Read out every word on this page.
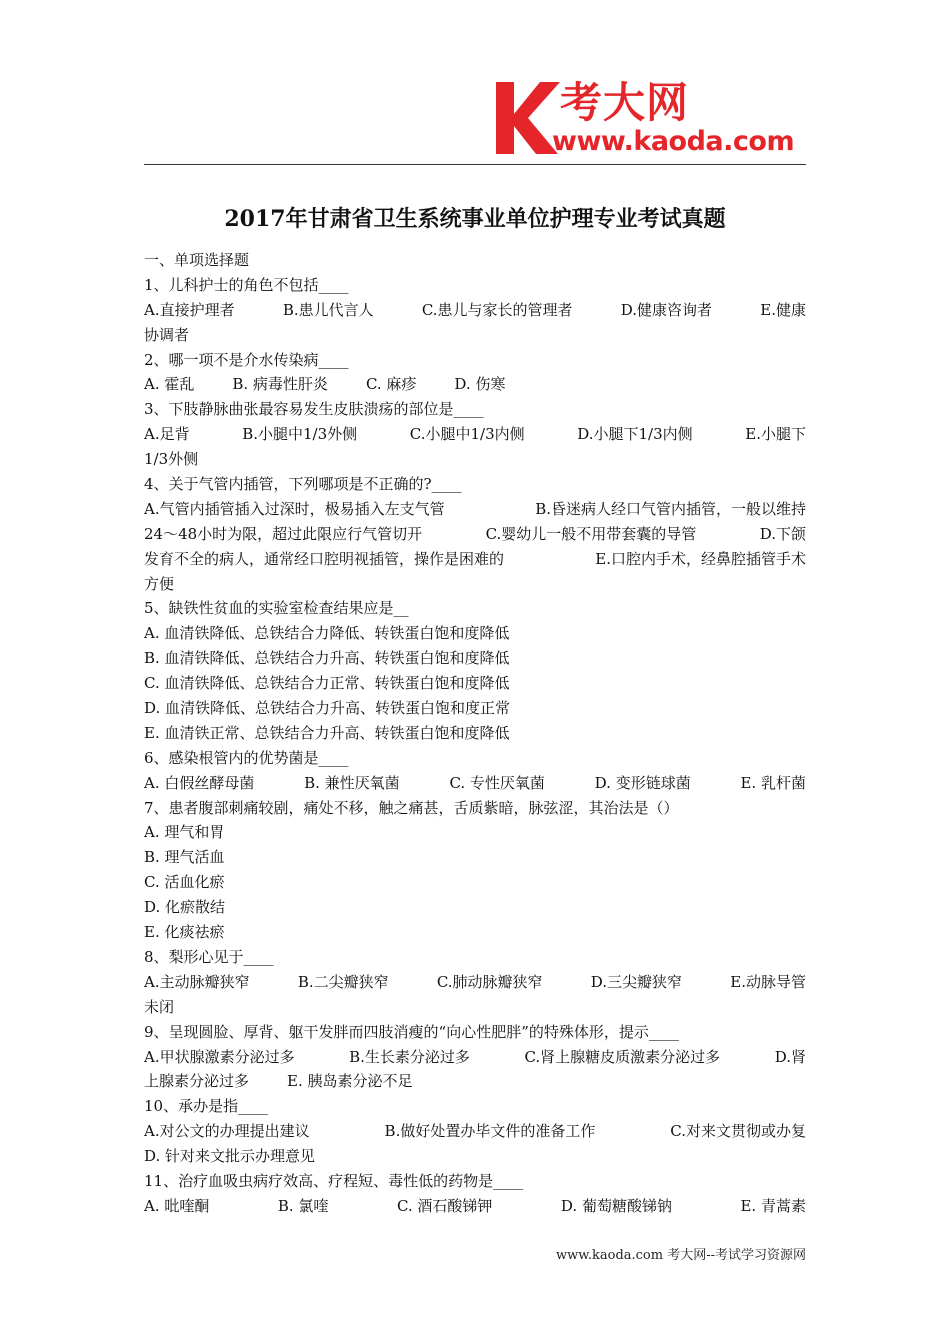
考大网
www.kaoda.com
2017年甘肃省卫生系统事业单位护理专业考试真题
一、单项选择题
1、儿科护士的角色不包括____
A.直接护理者	B.患儿代言人	C.患儿与家长的管理者	D.健康咨询者	E.健康
协调者
2、哪一项不是介水传染病____
A. 霍乱	B. 病毒性肝炎	C. 麻疹	D. 伤寒
3、下肢静脉曲张最容易发生皮肤溃疡的部位是____
A.足背	B.小腿中1/3外侧	C.小腿中1/3内侧	D.小腿下1/3内侧	E.小腿下
1/3外侧
4、关于气管内插管，下列哪项是不正确的?____
A.气管内插管插入过深时，极易插入左支气管	B.昏迷病人经口气管内插管，一般以维持
24～48小时为限，超过此限应行气管切开	C.婴幼儿一般不用带套囊的导管	D.下颌
发育不全的病人，通常经口腔明视插管，操作是困难的	E.口腔内手术，经鼻腔插管手术
方便
5、缺铁性贫血的实验室检查结果应是__
A. 血清铁降低、总铁结合力降低、转铁蛋白饱和度降低
B. 血清铁降低、总铁结合力升高、转铁蛋白饱和度降低
C. 血清铁降低、总铁结合力正常、转铁蛋白饱和度降低
D. 血清铁降低、总铁结合力升高、转铁蛋白饱和度正常
E. 血清铁正常、总铁结合力升高、转铁蛋白饱和度降低
6、感染根管内的优势菌是____
A. 白假丝酵母菌	B. 兼性厌氧菌	C. 专性厌氧菌	D. 变形链球菌	E. 乳杆菌
7、患者腹部刺痛较剧，痛处不移，触之痛甚，舌质紫暗，脉弦涩，其治法是（）
A. 理气和胃
B. 理气活血
C. 活血化瘀
D. 化瘀散结
E. 化痰祛瘀
8、梨形心见于____
A.主动脉瓣狭窄	B.二尖瓣狭窄	C.肺动脉瓣狭窄	D.三尖瓣狭窄	E.动脉导管
未闭
9、呈现圆脸、厚背、躯干发胖而四肢消瘦的“向心性肥胖”的特殊体形，提示____
A.甲状腺激素分泌过多	B.生长素分泌过多	C.肾上腺糖皮质激素分泌过多	D.肾
上腺素分泌过多	E. 胰岛素分泌不足
10、承办是指____
A.对公文的办理提出建议	B.做好处置办毕文件的准备工作	C.对来文贯彻或办复
D. 针对来文批示办理意见
11、治疗血吸虫病疗效高、疗程短、毒性低的药物是____
A. 吡喹酮	B. 氯喹	C. 酒石酸锑钾	D. 葡萄糖酸锑钠	E. 青蒿素
www.kaoda.com 考大网--考试学习资源网
